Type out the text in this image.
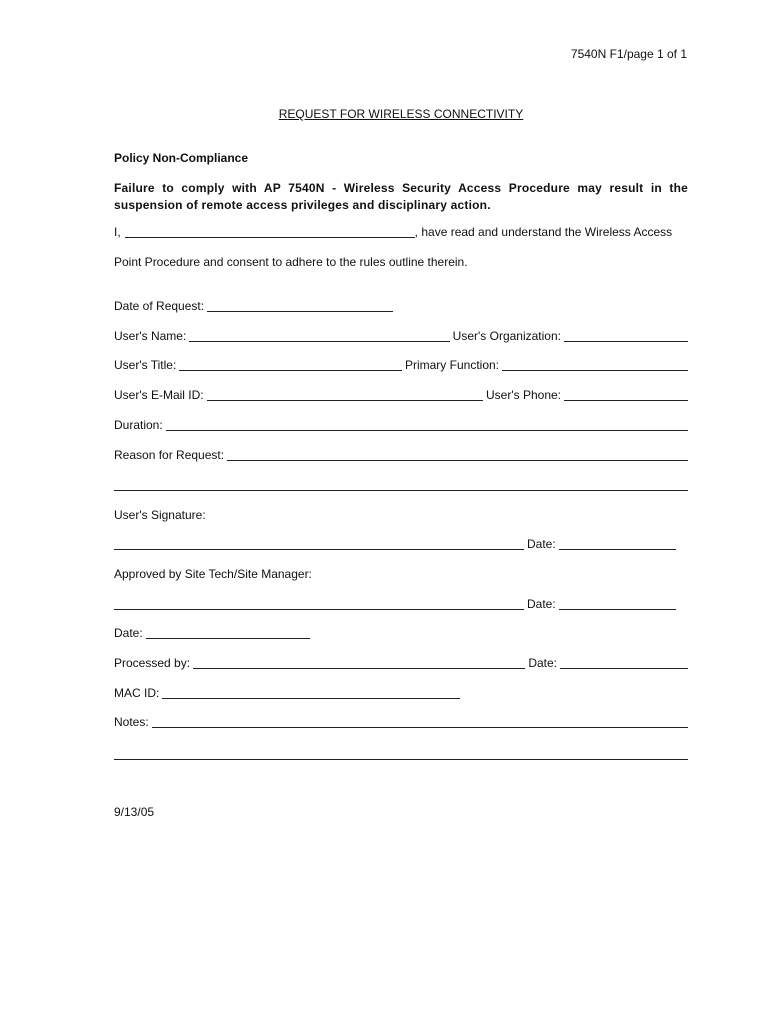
7540N F1/page 1 of 1
REQUEST FOR WIRELESS CONNECTIVITY
Policy Non-Compliance
Failure to comply with AP 7540N - Wireless Security Access Procedure may result in the suspension of remote access privileges and disciplinary action.
I,	, have read and understand the Wireless Access
Point Procedure and consent to adhere to the rules outline therein.
Date of Request:
User's Name:	User's Organization:
User's Title:	Primary Function:
User's E-Mail ID:	User's Phone:
Duration:
Reason for Request:
User's Signature:
Date:
Approved by Site Tech/Site Manager:
Date:
Date:
Processed by:	Date:
MAC ID:
Notes:
9/13/05
